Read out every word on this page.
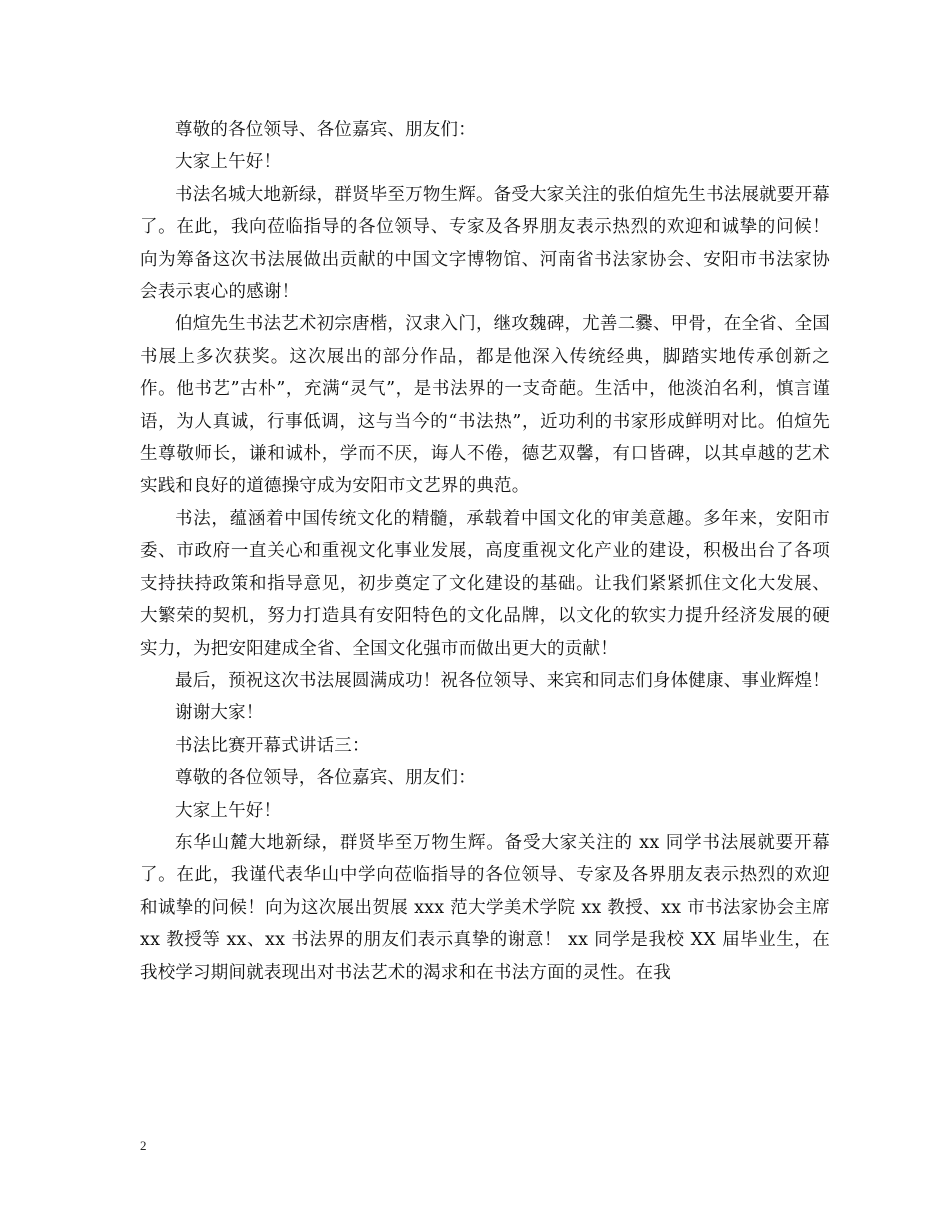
尊敬的各位领导、各位嘉宾、朋友们：

大家上午好！

书法名城大地新绿，群贤毕至万物生辉。备受大家关注的张伯煊先生书法展就要开幕了。在此，我向莅临指导的各位领导、专家及各界朋友表示热烈的欢迎和诚挚的问候！向为筹备这次书法展做出贡献的中国文字博物馆、河南省书法家协会、安阳市书法家协会表示衷心的感谢！

伯煊先生书法艺术初宗唐楷，汉隶入门，继攻魏碑，尤善二爨、甲骨，在全省、全国书展上多次获奖。这次展出的部分作品，都是他深入传统经典，脚踏实地传承创新之作。他书艺”古朴”，充满“灵气”，是书法界的一支奇葩。生活中，他淡泊名利，慎言谨语，为人真诚，行事低调，这与当今的“书法热”，近功利的书家形成鲜明对比。伯煊先生尊敬师长，谦和诚朴，学而不厌，诲人不倦，德艺双馨，有口皆碑，以其卓越的艺术实践和良好的道德操守成为安阳市文艺界的典范。

书法，蕴涵着中国传统文化的精髓，承载着中国文化的审美意趣。多年来，安阳市委、市政府一直关心和重视文化事业发展，高度重视文化产业的建设，积极出台了各项支持扶持政策和指导意见，初步奠定了文化建设的基础。让我们紧紧抓住文化大发展、大繁荣的契机，努力打造具有安阳特色的文化品牌，以文化的软实力提升经济发展的硬实力，为把安阳建成全省、全国文化强市而做出更大的贡献！

最后，预祝这次书法展圆满成功！祝各位领导、来宾和同志们身体健康、事业辉煌！

谢谢大家！

书法比赛开幕式讲话三：

尊敬的各位领导，各位嘉宾、朋友们：

大家上午好！

东华山麓大地新绿，群贤毕至万物生辉。备受大家关注的 xx 同学书法展就要开幕了。在此，我谨代表华山中学向莅临指导的各位领导、专家及各界朋友表示热烈的欢迎和诚挚的问候！向为这次展出贺展 xxx 范大学美术学院 xx 教授、xx 市书法家协会主席 xx 教授等 xx、xx 书法界的朋友们表示真挚的谢意！ xx 同学是我校 XX 届毕业生，在我校学习期间就表现出对书法艺术的渴求和在书法方面的灵性。在我

2
